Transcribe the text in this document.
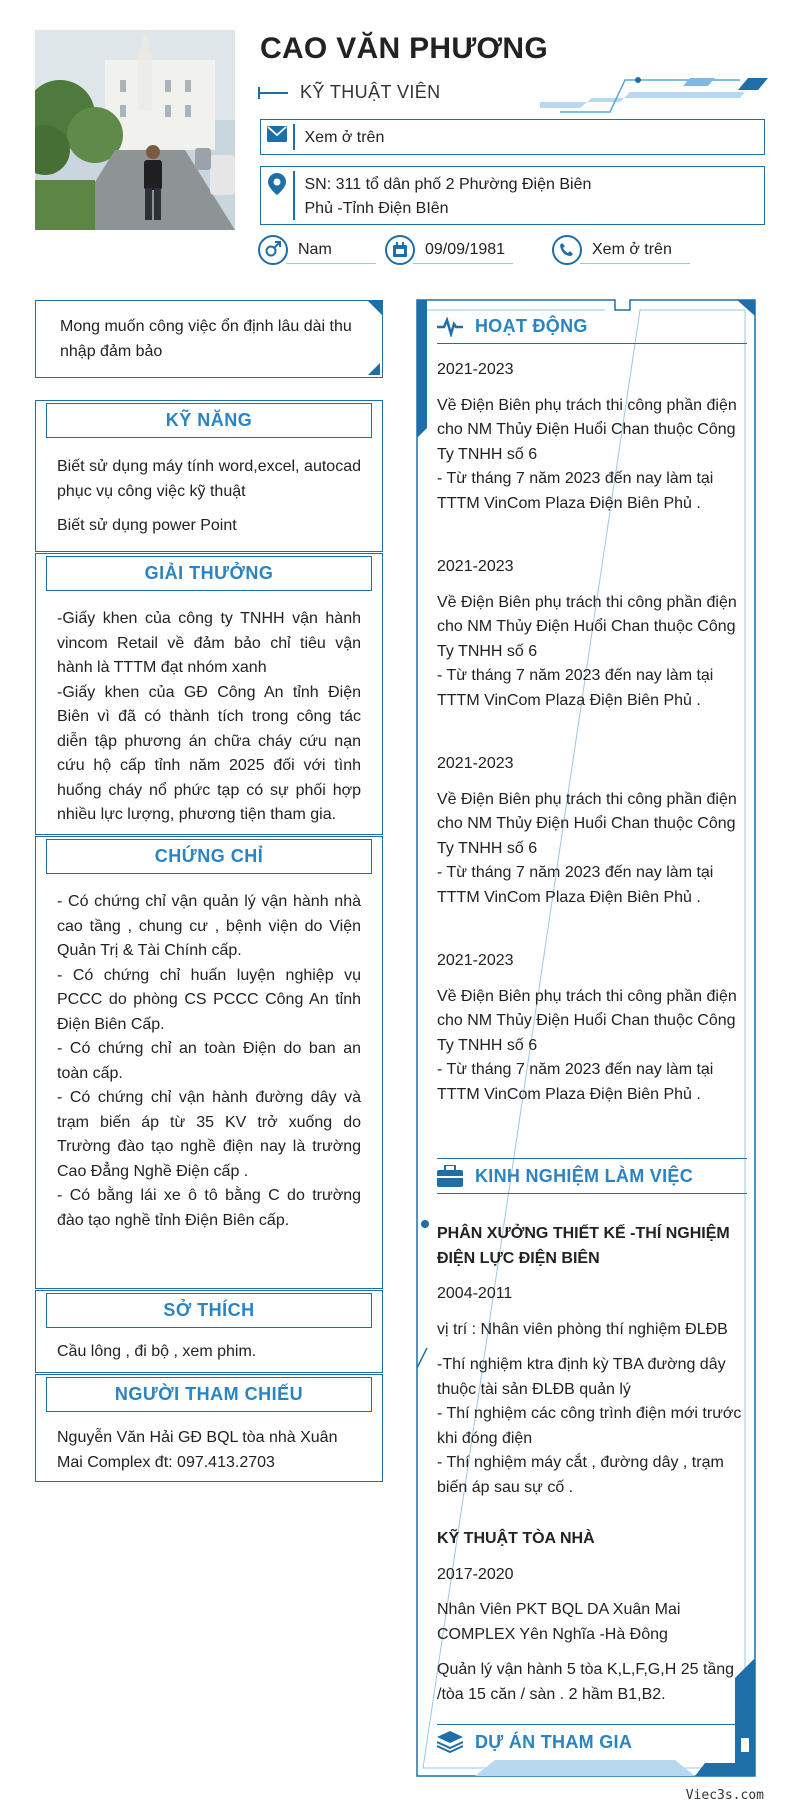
CAO VĂN PHƯƠNG
KỸ THUẬT VIÊN
Xem ở trên
SN: 311 tổ dân phố 2 Phường Điện Biên Phủ -Tỉnh Điện BIên
Nam	09/09/1981	Xem ở trên
Mong muốn công việc ổn định lâu dài thu nhập đảm bảo
KỸ NĂNG
Biết sử dụng máy tính word,excel, autocad phục vụ công việc kỹ thuật
Biết sử dụng power Point
GIẢI THƯỞNG
-Giấy khen của công ty TNHH vận hành vincom Retail về đảm bảo chỉ tiêu vận hành là TTTM đạt nhóm xanh
-Giấy khen của GĐ Công An tỉnh Điện Biên vì đã có thành tích trong công tác diễn tập phương án chữa cháy cứu nạn cứu hộ cấp tỉnh năm 2025 đối với tình huống cháy nổ phức tạp có sự phối hợp nhiều lực lượng, phương tiện tham gia.
CHỨNG CHỈ
- Có chứng chỉ vận quản lý vận hành nhà cao tầng , chung cư , bệnh viện do Viện Quản Trị & Tài Chính cấp.
- Có chứng chỉ huấn luyện nghiệp vụ PCCC do phòng CS PCCC Công An tỉnh Điện Biên Cấp.
- Có chứng chỉ an toàn Điện do ban an toàn cấp.
- Có chứng chỉ vận hành đường dây và trạm biến áp từ 35 KV trở xuống do Trường đào tạo nghề điện nay là trường Cao Đẳng Nghề Điện cấp .
- Có bằng lái xe ô tô bằng C do trường đào tạo nghề tỉnh Điện Biên cấp.
SỞ THÍCH
Cầu lông , đi bộ , xem phim.
NGƯỜI THAM CHIẾU
Nguyễn Văn Hải GĐ BQL tòa nhà Xuân Mai Complex đt: 097.413.2703
HOẠT ĐỘNG
2021-2023
Về Điện Biên phụ trách thi công phần điện cho NM Thủy Điện Huổi Chan thuộc Công Ty TNHH số 6
- Từ tháng 7 năm 2023 đến nay làm tại TTTM VinCom Plaza Điện Biên Phủ .
2021-2023
Về Điện Biên phụ trách thi công phần điện cho NM Thủy Điện Huổi Chan thuộc Công Ty TNHH số 6
- Từ tháng 7 năm 2023 đến nay làm tại TTTM VinCom Plaza Điện Biên Phủ .
2021-2023
Về Điện Biên phụ trách thi công phần điện cho NM Thủy Điện Huổi Chan thuộc Công Ty TNHH số 6
- Từ tháng 7 năm 2023 đến nay làm tại TTTM VinCom Plaza Điện Biên Phủ .
2021-2023
Về Điện Biên phụ trách thi công phần điện cho NM Thủy Điện Huổi Chan thuộc Công Ty TNHH số 6
- Từ tháng 7 năm 2023 đến nay làm tại TTTM VinCom Plaza Điện Biên Phủ .
KINH NGHIỆM LÀM VIỆC
PHÂN XƯỞNG THIẾT KẾ -THÍ NGHIỆM ĐIỆN LỰC ĐIỆN BIÊN
2004-2011
vị trí : Nhân viên phòng thí nghiệm ĐLĐB
-Thí nghiệm ktra định kỳ TBA đường dây thuộc tài sản ĐLĐB quản lý
- Thí nghiệm các công trình điện mới trước khi đóng điện
- Thí nghiệm máy cắt , đường dây , trạm biến áp sau sự cố .
KỸ THUẬT TÒA NHÀ
2017-2020
Nhân Viên PKT BQL DA Xuân Mai COMPLEX Yên Nghĩa -Hà Đông
Quản lý vận hành 5 tòa K,L,F,G,H 25 tầng /tòa 15 căn / sàn . 2 hầm B1,B2.
DỰ ÁN THAM GIA
Viec3s.com
